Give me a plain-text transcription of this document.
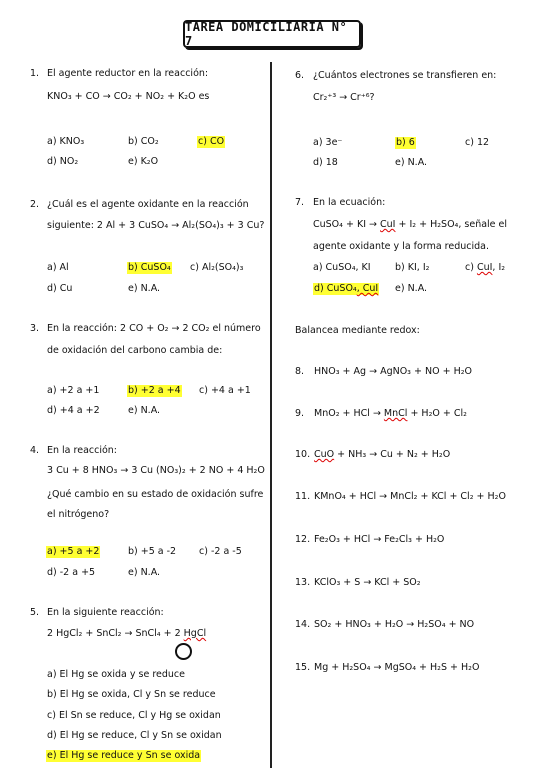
TAREA DOMICILIARIA N° 7
1. El agente reductor en la reacción:
KNO₃ + CO → CO₂ + NO₂ + K₂O es
a) KNO₃	b) CO₂	c) CO
d) NO₂	e) K₂O
2. ¿Cuál es el agente oxidante en la reacción
siguiente: 2 Al + 3 CuSO₄ → Al₂(SO₄)₃ + 3 Cu?
a) Al	b) CuSO₄ c) Al₂(SO₄)₃
d) Cu	e) N.A.
3. En la reacción: 2 CO + O₂ → 2 CO₂ el número
de oxidación del carbono cambia de:
a) +2 a +1	b) +2 a +4 c) +4 a +1
d) +4 a +2	e) N.A.
4. En la reacción:
3 Cu + 8 HNO₃ → 3 Cu (NO₃)₂ + 2 NO + 4 H₂O
¿Qué cambio en su estado de oxidación sufre
el nitrógeno?
a) +5 a +2	b) +5 a -2 c) -2 a -5
d) -2 a +5	e) N.A.
5. En la siguiente reacción:
2 HgCl₂ + SnCl₂ → SnCl₄ + 2 HgCl
a) El Hg se oxida y se reduce
b) El Hg se oxida, Cl y Sn se reduce
c) El Sn se reduce, Cl y Hg se oxidan
d) El Hg se reduce, Cl y Sn se oxidan
e) El Hg se reduce y Sn se oxida
6. ¿Cuántos electrones se transfieren en:
Cr₂⁺³ → Cr⁺⁶?
a) 3e⁻	b) 6	c) 12
d) 18	e) N.A.
7. En la ecuación:
CuSO₄ + KI → CuI + I₂ + H₂SO₄, señale el
agente oxidante y la forma reducida.
a) CuSO₄, KI	b) KI, I₂	c) CuI, I₂
d) CuSO₄, CuI e) N.A.
Balancea mediante redox:
8. HNO₃ + Ag → AgNO₃ + NO + H₂O
9. MnO₂ + HCl → MnCl + H₂O + Cl₂
10. CuO + NH₃ → Cu + N₂ + H₂O
11. KMnO₄ + HCl → MnCl₂ + KCl + Cl₂ + H₂O
12. Fe₂O₃ + HCl → Fe₂Cl₃ + H₂O
13. KClO₃ + S → KCl + SO₂
14. SO₂ + HNO₃ + H₂O → H₂SO₄ + NO
15. Mg + H₂SO₄ → MgSO₄ + H₂S + H₂O
